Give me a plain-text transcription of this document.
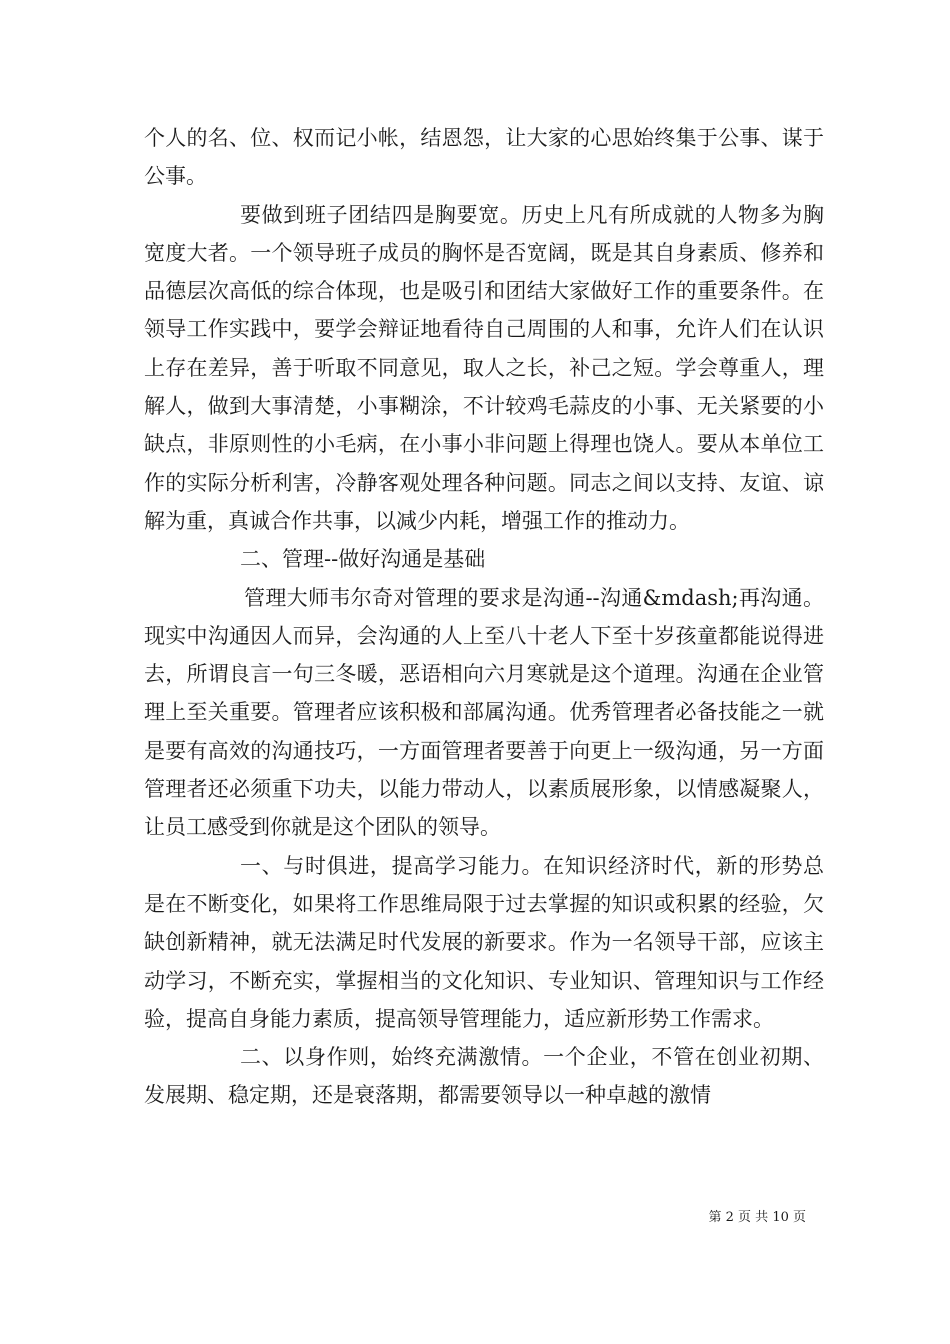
个人的名、位、权而记小帐，结恩怨，让大家的心思始终集于公事、谋于公事。

要做到班子团结四是胸要宽。历史上凡有所成就的人物多为胸宽度大者。一个领导班子成员的胸怀是否宽阔，既是其自身素质、修养和品德层次高低的综合体现，也是吸引和团结大家做好工作的重要条件。在领导工作实践中，要学会辩证地看待自己周围的人和事，允许人们在认识上存在差异，善于听取不同意见，取人之长，补己之短。学会尊重人，理解人，做到大事清楚，小事糊涂，不计较鸡毛蒜皮的小事、无关紧要的小缺点，非原则性的小毛病，在小事小非问题上得理也饶人。要从本单位工作的实际分析利害，冷静客观处理各种问题。同志之间以支持、友谊、谅解为重，真诚合作共事，以减少内耗，增强工作的推动力。

二、管理--做好沟通是基础

管理大师韦尔奇对管理的要求是沟通--沟通&mdash;再沟通。现实中沟通因人而异，会沟通的人上至八十老人下至十岁孩童都能说得进去，所谓良言一句三冬暖，恶语相向六月寒就是这个道理。沟通在企业管理上至关重要。管理者应该积极和部属沟通。优秀管理者必备技能之一就是要有高效的沟通技巧，一方面管理者要善于向更上一级沟通，另一方面管理者还必须重下功夫，以能力带动人，以素质展形象，以情感凝聚人，让员工感受到你就是这个团队的领导。

一、与时俱进，提高学习能力。在知识经济时代，新的形势总是在不断变化，如果将工作思维局限于过去掌握的知识或积累的经验，欠缺创新精神，就无法满足时代发展的新要求。作为一名领导干部，应该主动学习，不断充实，掌握相当的文化知识、专业知识、管理知识与工作经验，提高自身能力素质，提高领导管理能力，适应新形势工作需求。

二、以身作则，始终充满激情。一个企业，不管在创业初期、发展期、稳定期，还是衰落期，都需要领导以一种卓越的激情

第 2 页 共 10 页
